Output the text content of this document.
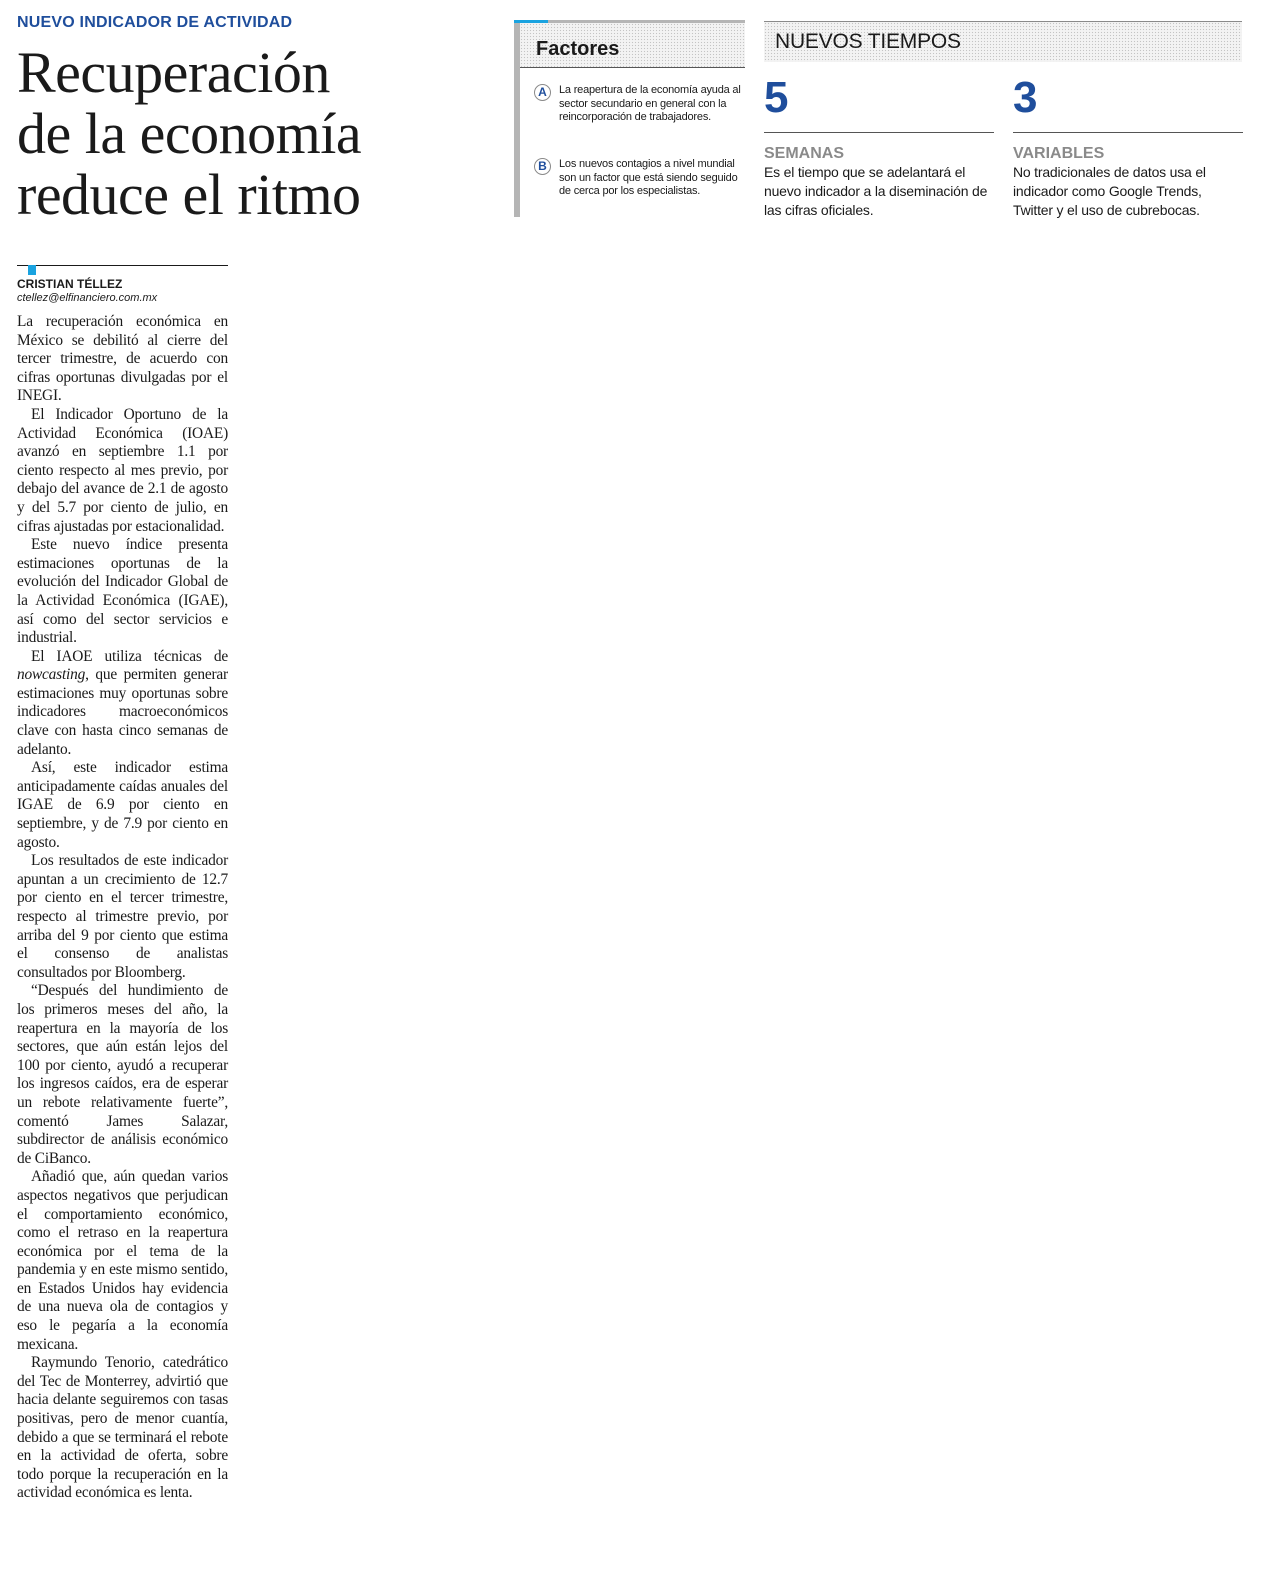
NUEVO INDICADOR DE ACTIVIDAD
Recuperación
de la economía
reduce el ritmo
CRISTIAN TÉLLEZ
ctellez@elfinanciero.com.mx

La recuperación económica en México se debilitó al cierre del tercer trimestre, de acuerdo con cifras oportunas divulgadas por el INEGI.

El Indicador Oportuno de la Actividad Económica (IOAE) avanzó en septiembre 1.1 por ciento respecto al mes previo, por debajo del avance de 2.1 de agosto y del 5.7 por ciento de julio, en cifras ajustadas por estacionalidad.

Este nuevo índice presenta estimaciones oportunas de la evolución del Indicador Global de la Actividad Económica (IGAE), así como del sector servicios e industrial.

El IAOE utiliza técnicas de nowcasting, que permiten generar estimaciones muy oportunas sobre indicadores macroeconómicos clave con hasta cinco semanas de adelanto.

Así, este indicador estima anticipadamente caídas anuales del IGAE de 6.9 por ciento en septiembre, y de 7.9 por ciento en agosto.

Los resultados de este indicador apuntan a un crecimiento de 12.7 por ciento en el tercer trimestre, respecto al trimestre previo, por arriba del 9 por ciento que estima el consenso de analistas consultados por Bloomberg.

“Después del hundimiento de los primeros meses del año, la reapertura en la mayoría de los sectores, que aún están lejos del 100 por ciento, ayudó a recuperar los ingresos caídos, era de esperar un rebote relativamente fuerte”, comentó James Salazar, subdirector de análisis económico de CiBanco.

Añadió que, aún quedan varios aspectos negativos que perjudican el comportamiento económico, como el retraso en la reapertura económica por el tema de la pandemia y en este mismo sentido, en Estados Unidos hay evidencia de una nueva ola de contagios y eso le pegaría a la economía mexicana.

Raymundo Tenorio, catedrático del Tec de Monterrey, advirtió que hacia delante seguiremos con tasas positivas, pero de menor cuantía, debido a que se terminará el rebote en la actividad de oferta, sobre todo porque la recuperación en la actividad económica es lenta.

Factores
A	La reapertura de la economía ayuda al sector secundario en general con la reincorporación de trabajadores.
B	Los nuevos contagios a nivel mundial son un factor que está siendo seguido de cerca por los especialistas.
NUEVOS TIEMPOS
5
SEMANAS
Es el tiempo que se adelantará el nuevo indicador a la diseminación de las cifras oficiales.
3
VARIABLES
No tradicionales de datos usa el indicador como Google Trends, Twitter y el uso de cubrebocas.
